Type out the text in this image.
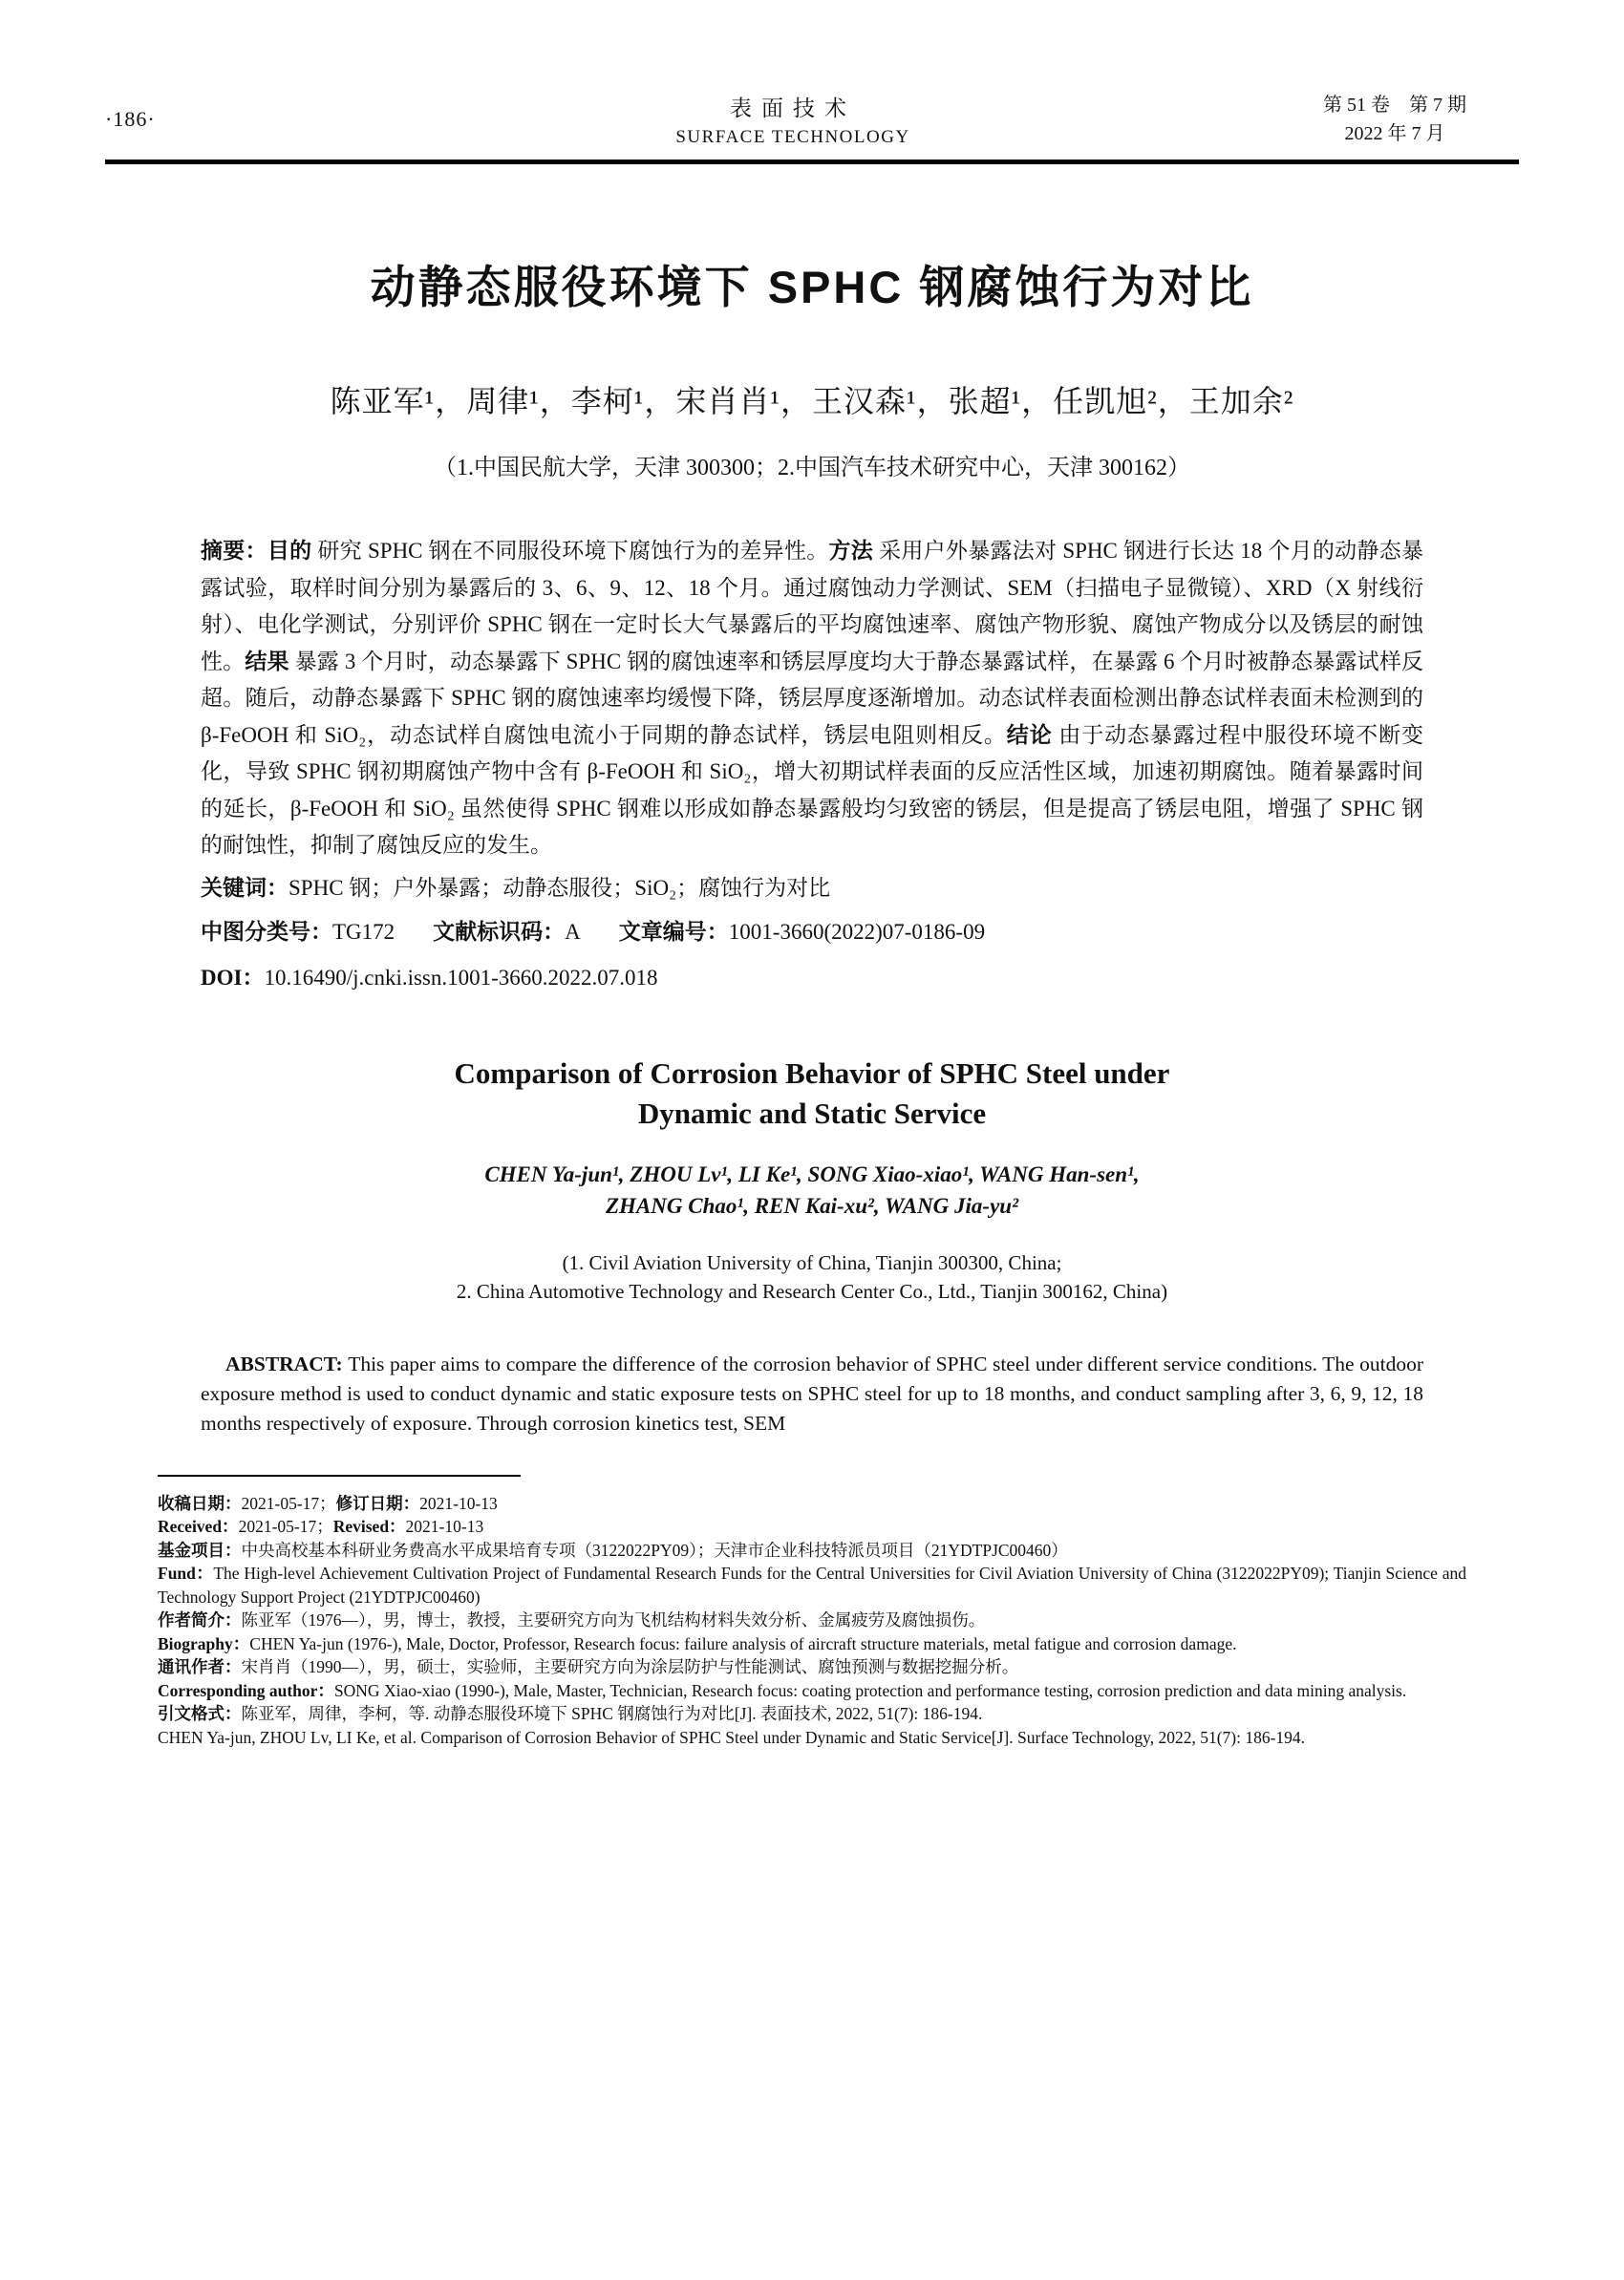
·186·	表面技术
SURFACE TECHNOLOGY
第 51 卷　第 7 期
2022 年 7 月
动静态服役环境下 SPHC 钢腐蚀行为对比
陈亚军¹，周律¹，李柯¹，宋肖肖¹，王汉森¹，张超¹，任凯旭²，王加余²
（1.中国民航大学，天津 300300；2.中国汽车技术研究中心，天津 300162）

摘要：目的 研究 SPHC 钢在不同服役环境下腐蚀行为的差异性。方法 采用户外暴露法对 SPHC 钢进行长达 18 个月的动静态暴露试验，取样时间分别为暴露后的 3、6、9、12、18 个月。通过腐蚀动力学测试、SEM（扫描电子显微镜）、XRD（X 射线衍射）、电化学测试，分别评价 SPHC 钢在一定时长大气暴露后的平均腐蚀速率、腐蚀产物形貌、腐蚀产物成分以及锈层的耐蚀性。结果 暴露 3 个月时，动态暴露下 SPHC 钢的腐蚀速率和锈层厚度均大于静态暴露试样，在暴露 6 个月时被静态暴露试样反超。随后，动静态暴露下 SPHC 钢的腐蚀速率均缓慢下降，锈层厚度逐渐增加。动态试样表面检测出静态试样表面未检测到的 β-FeOOH 和 SiO₂，动态试样自腐蚀电流小于同期的静态试样，锈层电阻则相反。结论 由于动态暴露过程中服役环境不断变化，导致 SPHC 钢初期腐蚀产物中含有 β-FeOOH 和 SiO₂，增大初期试样表面的反应活性区域，加速初期腐蚀。随着暴露时间的延长，β-FeOOH 和 SiO₂ 虽然使得 SPHC 钢难以形成如静态暴露般均匀致密的锈层，但是提高了锈层电阻，增强了 SPHC 钢的耐蚀性，抑制了腐蚀反应的发生。

关键词：SPHC 钢；户外暴露；动静态服役；SiO₂；腐蚀行为对比

中图分类号：TG172 文献标识码：A 文章编号：1001-3660(2022)07-0186-09

DOI：10.16490/j.cnki.issn.1001-3660.2022.07.018

Comparison of Corrosion Behavior of SPHC Steel under
Dynamic and Static Service
CHEN Ya-jun¹, ZHOU Lv¹, LI Ke¹, SONG Xiao-xiao¹, WANG Han-sen¹,
ZHANG Chao¹, REN Kai-xu², WANG Jia-yu²
(1. Civil Aviation University of China, Tianjin 300300, China;
2. China Automotive Technology and Research Center Co., Ltd., Tianjin 300162, China)

ABSTRACT: This paper aims to compare the difference of the corrosion behavior of SPHC steel under different service conditions. The outdoor exposure method is used to conduct dynamic and static exposure tests on SPHC steel for up to 18 months, and conduct sampling after 3, 6, 9, 12, 18 months respectively of exposure. Through corrosion kinetics test, SEM

收稿日期：2021-05-17；修订日期：2021-10-13

Received：2021-05-17；Revised：2021-10-13

基金项目：中央高校基本科研业务费高水平成果培育专项（3122022PY09）；天津市企业科技特派员项目（21YDTPJC00460）

Fund：The High-level Achievement Cultivation Project of Fundamental Research Funds for the Central Universities for Civil Aviation University of China (3122022PY09); Tianjin Science and Technology Support Project (21YDTPJC00460)

作者简介：陈亚军（1976—），男，博士，教授，主要研究方向为飞机结构材料失效分析、金属疲劳及腐蚀损伤。

Biography：CHEN Ya-jun (1976-), Male, Doctor, Professor, Research focus: failure analysis of aircraft structure materials, metal fatigue and corrosion damage.

通讯作者：宋肖肖（1990—），男，硕士，实验师，主要研究方向为涂层防护与性能测试、腐蚀预测与数据挖掘分析。

Corresponding author：SONG Xiao-xiao (1990-), Male, Master, Technician, Research focus: coating protection and performance testing, corrosion prediction and data mining analysis.

引文格式：陈亚军，周律，李柯，等. 动静态服役环境下 SPHC 钢腐蚀行为对比[J]. 表面技术, 2022, 51(7): 186-194.

CHEN Ya-jun, ZHOU Lv, LI Ke, et al. Comparison of Corrosion Behavior of SPHC Steel under Dynamic and Static Service[J]. Surface Technology, 2022, 51(7): 186-194.
